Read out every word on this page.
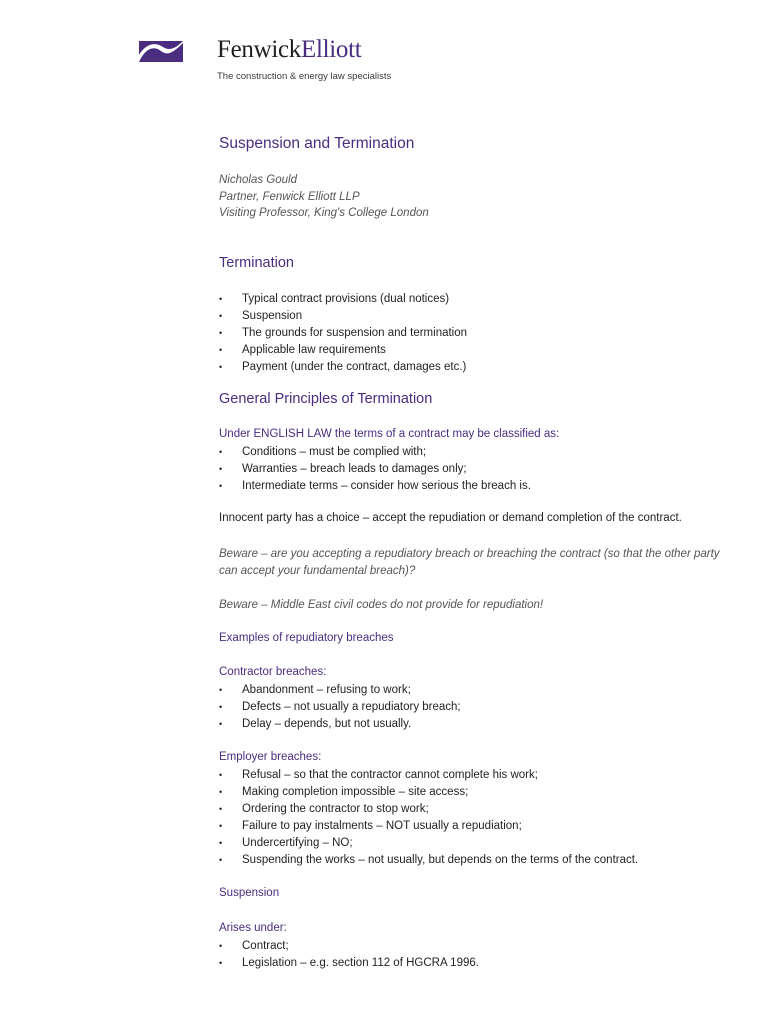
FenwickElliott
The construction & energy law specialists
Suspension and Termination
Nicholas Gould
Partner, Fenwick Elliott LLP
Visiting Professor, King's College London
Termination
• Typical contract provisions (dual notices)
• Suspension
• The grounds for suspension and termination
• Applicable law requirements
• Payment (under the contract, damages etc.)
General Principles of Termination
Under ENGLISH LAW the terms of a contract may be classified as:
• Conditions – must be complied with;
• Warranties – breach leads to damages only;
• Intermediate terms – consider how serious the breach is.
Innocent party has a choice – accept the repudiation or demand completion of the contract.
Beware – are you accepting a repudiatory breach or breaching the contract (so that the other party can accept your fundamental breach)?
Beware – Middle East civil codes do not provide for repudiation!
Examples of repudiatory breaches
Contractor breaches:
• Abandonment – refusing to work;
• Defects – not usually a repudiatory breach;
• Delay – depends, but not usually.
Employer breaches:
• Refusal – so that the contractor cannot complete his work;
• Making completion impossible – site access;
• Ordering the contractor to stop work;
• Failure to pay instalments – NOT usually a repudiation;
• Undercertifying – NO;
• Suspending the works – not usually, but depends on the terms of the contract.
Suspension
Arises under:
• Contract;
• Legislation – e.g. section 112 of HGCRA 1996.
